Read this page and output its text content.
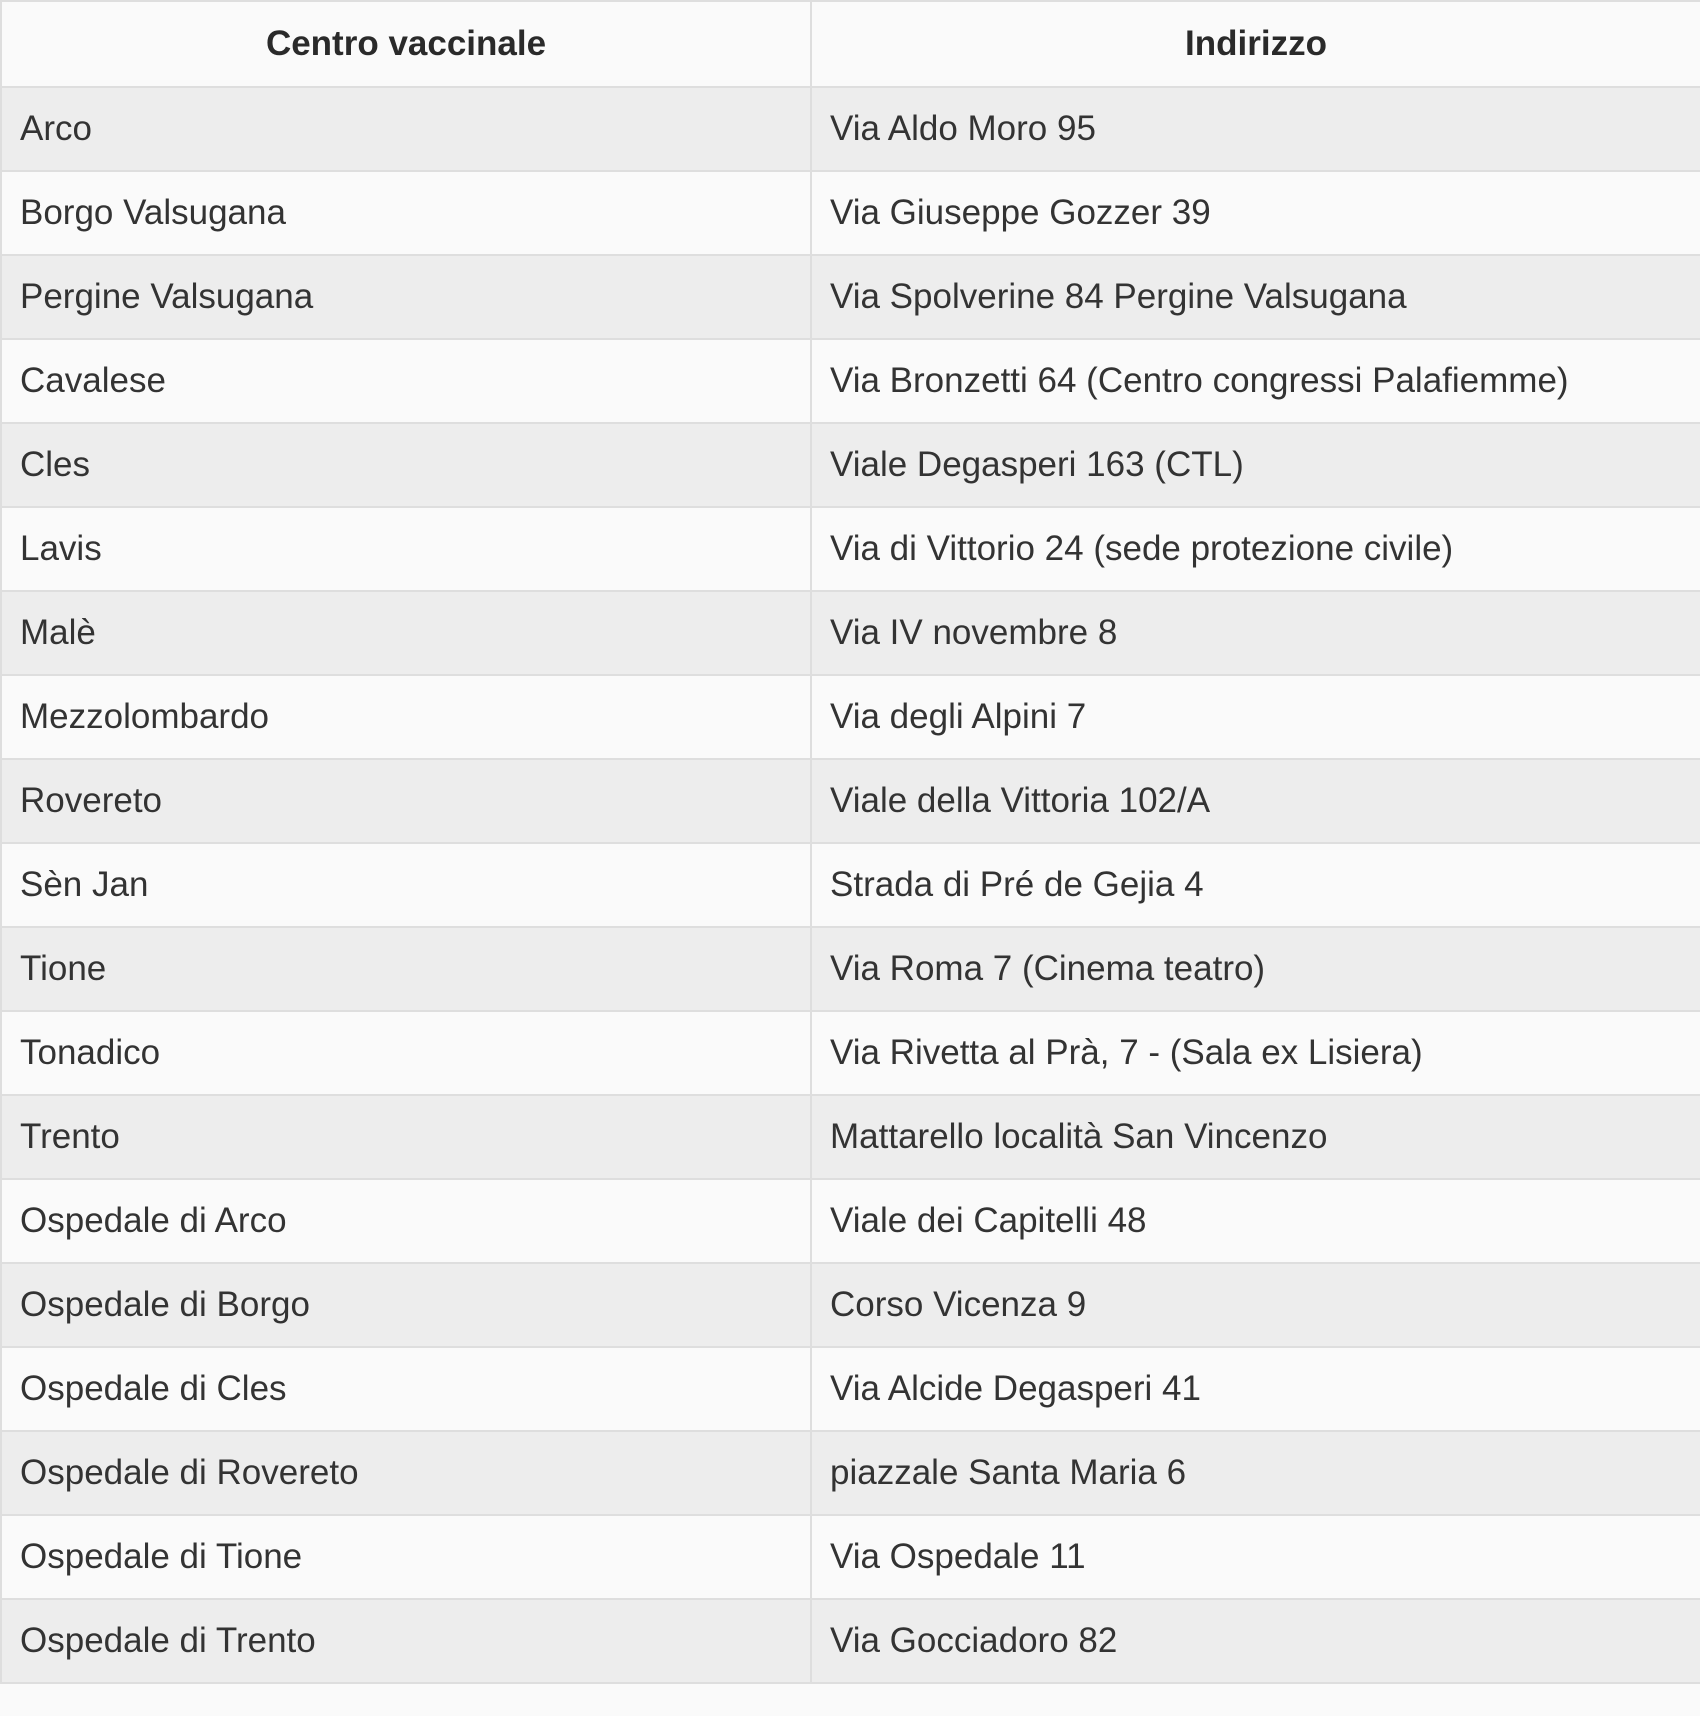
Centro vaccinale	Indirizzo
Arco	Via Aldo Moro 95
Borgo Valsugana	Via Giuseppe Gozzer 39
Pergine Valsugana	Via Spolverine 84 Pergine Valsugana
Cavalese	Via Bronzetti 64 (Centro congressi Palafiemme)
Cles	Viale Degasperi 163 (CTL)
Lavis	Via di Vittorio 24 (sede protezione civile)
Malè	Via IV novembre 8
Mezzolombardo	Via degli Alpini 7
Rovereto	Viale della Vittoria 102/A
Sèn Jan	Strada di Pré de Gejia 4
Tione	Via Roma 7 (Cinema teatro)
Tonadico	Via Rivetta al Prà, 7 - (Sala ex Lisiera)
Trento	Mattarello località San Vincenzo
Ospedale di Arco	Viale dei Capitelli 48
Ospedale di Borgo	Corso Vicenza 9
Ospedale di Cles	Via Alcide Degasperi 41
Ospedale di Rovereto	piazzale Santa Maria 6
Ospedale di Tione	Via Ospedale 11
Ospedale di Trento	Via Gocciadoro 82
